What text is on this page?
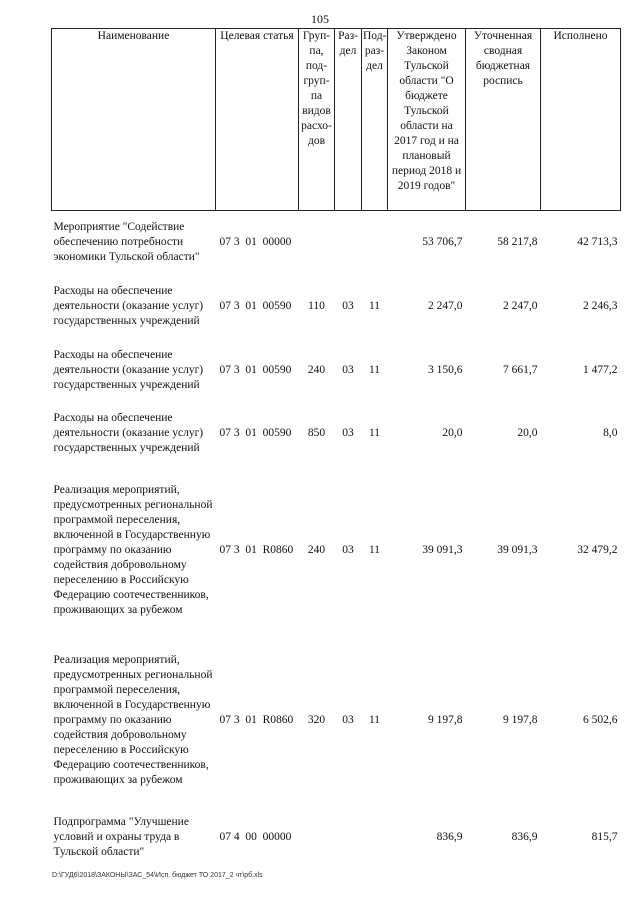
105
Наименование	Целевая статья	Груп-па, под-груп-па видов расхо-дов	Раз-дел	Под-раз-дел	Утверждено Законом Тульской области "О бюджете Тульской области на 2017 год и на плановый период 2018 и 2019 годов"	Уточненная сводная бюджетная роспись	Исполнено
Мероприятие "Содействие обеспечению потребности экономики Тульской области"	07 3  01  00000				53 706,7	58 217,8	42 713,3
Расходы на обеспечение деятельности (оказание услуг) государственных учреждений	07 3  01  00590	110	03	11	2 247,0	2 247,0	2 246,3
Расходы на обеспечение деятельности (оказание услуг) государственных учреждений	07 3  01  00590	240	03	11	3 150,6	7 661,7	1 477,2
Расходы на обеспечение деятельности (оказание услуг) государственных учреждений	07 3  01  00590	850	03	11	20,0	20,0	8,0
Реализация мероприятий, предусмотренных региональной программой переселения, включенной в Государственную программу по оказанию содействия добровольному переселению в Российскую Федерацию соотечественников, проживающих за рубежом	07 3  01  R0860	240	03	11	39 091,3	39 091,3	32 479,2
Реализация мероприятий, предусмотренных региональной программой переселения, включенной в Государственную программу по оказанию содействия добровольному переселению в Российскую Федерацию соотечественников, проживающих за рубежом	07 3  01  R0860	320	03	11	9 197,8	9 197,8	6 502,6
Подпрограмма "Улучшение условий и охраны труда в Тульской области"	07 4  00  00000				836,9	836,9	815,7
D:\ГУД6\2018\ЗАКОНЫ\ЗАС_54\Исп. бюджет ТО 2017_2 чт\рб.xls
